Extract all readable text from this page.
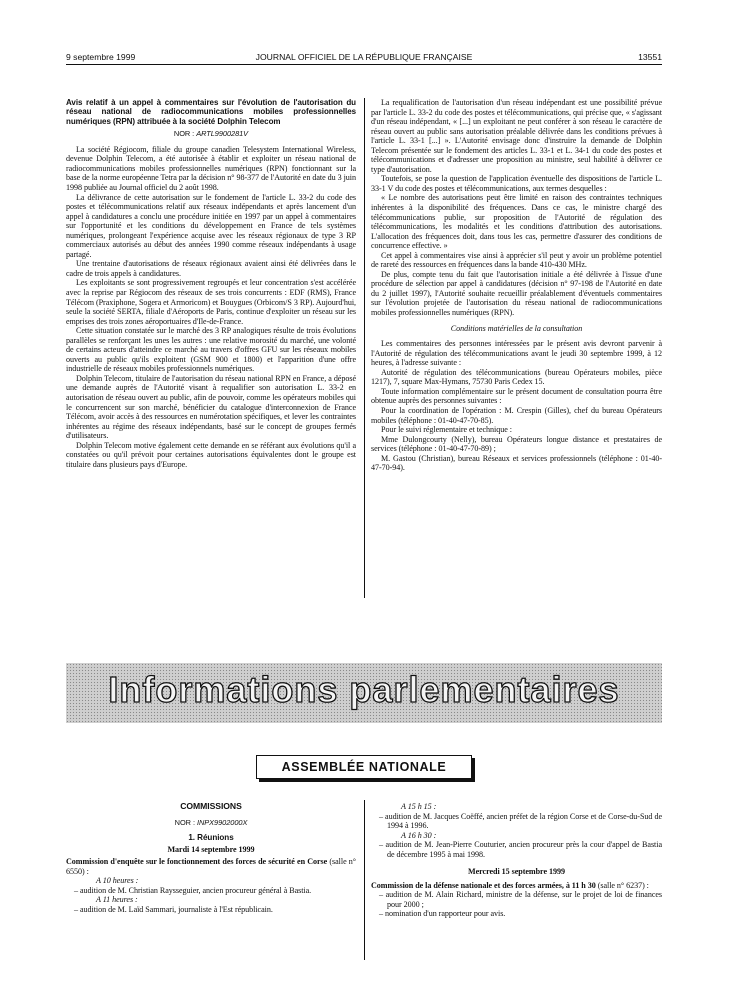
9 septembre 1999	JOURNAL OFFICIEL DE LA RÉPUBLIQUE FRANÇAISE	13551
Avis relatif à un appel à commentaires sur l'évolution de l'autorisation du réseau national de radiocommunications mobiles professionnelles numériques (RPN) attribuée à la société Dolphin Telecom
NOR : ARTL9900281V

La société Régiocom, filiale du groupe canadien Telesystem International Wireless, devenue Dolphin Telecom, a été autorisée à établir et exploiter un réseau national de radiocommunications mobiles professionnelles numériques (RPN) fonctionnant sur la base de la norme européenne Tetra par la décision n° 98-377 de l'Autorité en date du 3 juin 1998 publiée au Journal officiel du 2 août 1998.

La délivrance de cette autorisation sur le fondement de l'article L. 33-2 du code des postes et télécommunications relatif aux réseaux indépendants et après lancement d'un appel à candidatures a conclu une procédure initiée en 1997 par un appel à commentaires sur l'opportunité et les conditions du développement en France de tels systèmes numériques, prolongeant l'expérience acquise avec les réseaux régionaux de type 3 RP commerciaux autorisés au début des années 1990 comme réseaux indépendants à usage partagé.

Une trentaine d'autorisations de réseaux régionaux avaient ainsi été délivrées dans le cadre de trois appels à candidatures.

Les exploitants se sont progressivement regroupés et leur concentration s'est accélérée avec la reprise par Régiocom des réseaux de ses trois concurrents : EDF (RMS), France Télécom (Praxiphone, Sogera et Armoricom) et Bouygues (Orbicom/S 3 RP). Aujourd'hui, seule la société SERTA, filiale d'Aéroports de Paris, continue d'exploiter un réseau sur les emprises des trois zones aéroportuaires d'Ile-de-France.

Cette situation constatée sur le marché des 3 RP analogiques résulte de trois évolutions parallèles se renforçant les unes les autres : une relative morosité du marché, une volonté de certains acteurs d'atteindre ce marché au travers d'offres GFU sur les réseaux mobiles ouverts au public qu'ils exploitent (GSM 900 et 1800) et l'apparition d'une offre industrielle de réseaux mobiles professionnels numériques.

Dolphin Telecom, titulaire de l'autorisation du réseau national RPN en France, a déposé une demande auprès de l'Autorité visant à requalifier son autorisation L. 33-2 en autorisation de réseau ouvert au public, afin de pouvoir, comme les opérateurs mobiles qui le concurrencent sur son marché, bénéficier du catalogue d'interconnexion de France Télécom, avoir accès à des ressources en numérotation spécifiques, et lever les contraintes inhérentes au régime des réseaux indépendants, basé sur le concept de groupes fermés d'utilisateurs.

Dolphin Telecom motive également cette demande en se référant aux évolutions qu'il a constatées ou qu'il prévoit pour certaines autorisations équivalentes dont le groupe est titulaire dans plusieurs pays d'Europe.

La requalification de l'autorisation d'un réseau indépendant est une possibilité prévue par l'article L. 33-2 du code des postes et télécommunications, qui précise que, « s'agissant d'un réseau indépendant, « [...] un exploitant ne peut conférer à son réseau le caractère de réseau ouvert au public sans autorisation préalable délivrée dans les conditions prévues à l'article L. 33-1 [...] ». L'Autorité envisage donc d'instruire la demande de Dolphin Telecom présentée sur le fondement des articles L. 33-1 et L. 34-1 du code des postes et télécommunications et d'adresser une proposition au ministre, seul habilité à délivrer ce type d'autorisation.

Toutefois, se pose la question de l'application éventuelle des dispositions de l'article L. 33-1 V du code des postes et télécommunications, aux termes desquelles :

« Le nombre des autorisations peut être limité en raison des contraintes techniques inhérentes à la disponibilité des fréquences. Dans ce cas, le ministre chargé des télécommunications publie, sur proposition de l'Autorité de régulation des télécommunications, les modalités et les conditions d'attribution des autorisations. L'allocation des fréquences doit, dans tous les cas, permettre d'assurer des conditions de concurrence effective. »

Cet appel à commentaires vise ainsi à apprécier s'il peut y avoir un problème potentiel de rareté des ressources en fréquences dans la bande 410-430 MHz.

De plus, compte tenu du fait que l'autorisation initiale a été délivrée à l'issue d'une procédure de sélection par appel à candidatures (décision n° 97-198 de l'Autorité en date du 2 juillet 1997), l'Autorité souhaite recueillir préalablement d'éventuels commentaires sur l'évolution projetée de l'autorisation du réseau national de radiocommunications mobiles professionnelles numériques (RPN).

Conditions matérielles de la consultation

Les commentaires des personnes intéressées par le présent avis devront parvenir à l'Autorité de régulation des télécommunications avant le jeudi 30 septembre 1999, à 12 heures, à l'adresse suivante :

Autorité de régulation des télécommunications (bureau Opérateurs mobiles, pièce 1217), 7, square Max-Hymans, 75730 Paris Cedex 15.

Toute information complémentaire sur le présent document de consultation pourra être obtenue auprès des personnes suivantes :

Pour la coordination de l'opération : M. Crespin (Gilles), chef du bureau Opérateurs mobiles (téléphone : 01-40-47-70-85).

Pour le suivi réglementaire et technique :

Mme Dulongcourty (Nelly), bureau Opérateurs longue distance et prestataires de services (téléphone : 01-40-47-70-89) ;

M. Gastou (Christian), bureau Réseaux et services professionnels (téléphone : 01-40-47-70-94).

Informations parlementaires
ASSEMBLÉE NATIONALE
COMMISSIONS
NOR : INPX9902000X
1. Réunions
Mardi 14 septembre 1999

Commission d'enquête sur le fonctionnement des forces de sécurité en Corse (salle n° 6550) :

A 10 heures :

– audition de M. Christian Raysseguier, ancien procureur général à Bastia.

A 11 heures :

– audition de M. Laïd Sammari, journaliste à l'Est républicain.

A 15 h 15 :

– audition de M. Jacques Coëffé, ancien préfet de la région Corse et de Corse-du-Sud de 1994 à 1996.

A 16 h 30 :

– audition de M. Jean-Pierre Couturier, ancien procureur près la cour d'appel de Bastia de décembre 1995 à mai 1998.

Mercredi 15 septembre 1999

Commission de la défense nationale et des forces armées, à 11 h 30 (salle n° 6237) :

– audition de M. Alain Richard, ministre de la défense, sur le projet de loi de finances pour 2000 ;

– nomination d'un rapporteur pour avis.
